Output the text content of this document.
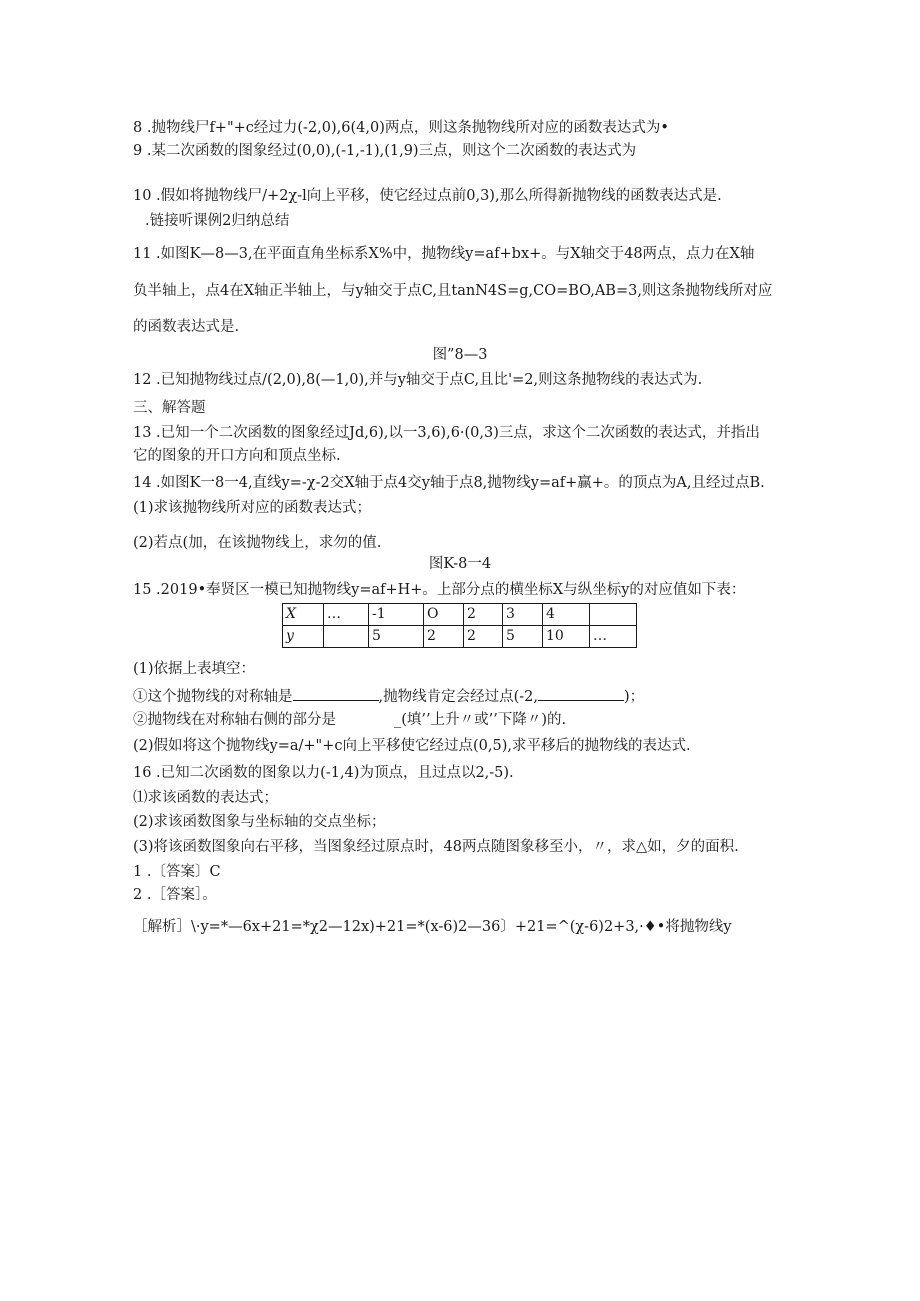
8 .抛物线尸f+"+c经过力(-2,0),6(4,0)两点，则这条抛物线所对应的函数表达式为•
9 .某二次函数的图象经过(0,0),(-1,-1),(1,9)三点，则这个二次函数的表达式为
10 .假如将抛物线尸/+2χ-l向上平移，使它经过点前0,3),那么所得新抛物线的函数表达式是.
.链接听课例2归纳总结
11 .如图K—8—3,在平面直角坐标系X%中，抛物线y=af+bx+。与X轴交于48两点，点力在X轴
负半轴上，点4在X轴正半轴上，与y轴交于点C,且tanN4S=g,CO=BO,AB=3,则这条抛物线所对应
的函数表达式是.
图”8—3
12 .已知抛物线过点/(2,0),8(—1,0),并与y轴交于点C,且比'=2,则这条抛物线的表达式为.
三、解答题
13 .已知一个二次函数的图象经过Jd,6),以一3,6),6·(0,3)三点，求这个二次函数的表达式，并指出
它的图象的开口方向和顶点坐标.
14 .如图K一8一4,直线y=-χ-2交X轴于点4交y轴于点8,抛物线y=af+赢+。的顶点为A,且经过点B.
(1)求该抛物线所对应的函数表达式；
(2)若点(加，在该抛物线上，求勿的值.
图K-8一4
15 .2019•奉贤区一模已知抛物线y=af+H+。上部分点的横坐标X与纵坐标y的对应值如下表：
X	…	-1	O	2	3	4	
y		5	2	2	5	10	…
(1)依据上表填空：
①这个抛物线的对称轴是	,抛物线肯定会经过点(-2,	)；
②抛物线在对称轴右侧的部分是	_(填’’上升〃或’’下降〃)的.
(2)假如将这个抛物线y=a/+"+c向上平移使它经过点(0,5),求平移后的抛物线的表达式.
16 .已知二次函数的图象以力(-1,4)为顶点，且过点以2,-5).
⑴求该函数的表达式；
(2)求该函数图象与坐标轴的交点坐标；
(3)将该函数图象向右平移，当图象经过原点时，48两点随图象移至小，〃，求△如，夕的面积.
1 .〔答案〕C
2 .［答案］。
［解析］\·y=*—6x+21=*χ2—12x)+21=*(x-6)2—36〕+21=^(χ-6)2+3,·♦•将抛物线y
